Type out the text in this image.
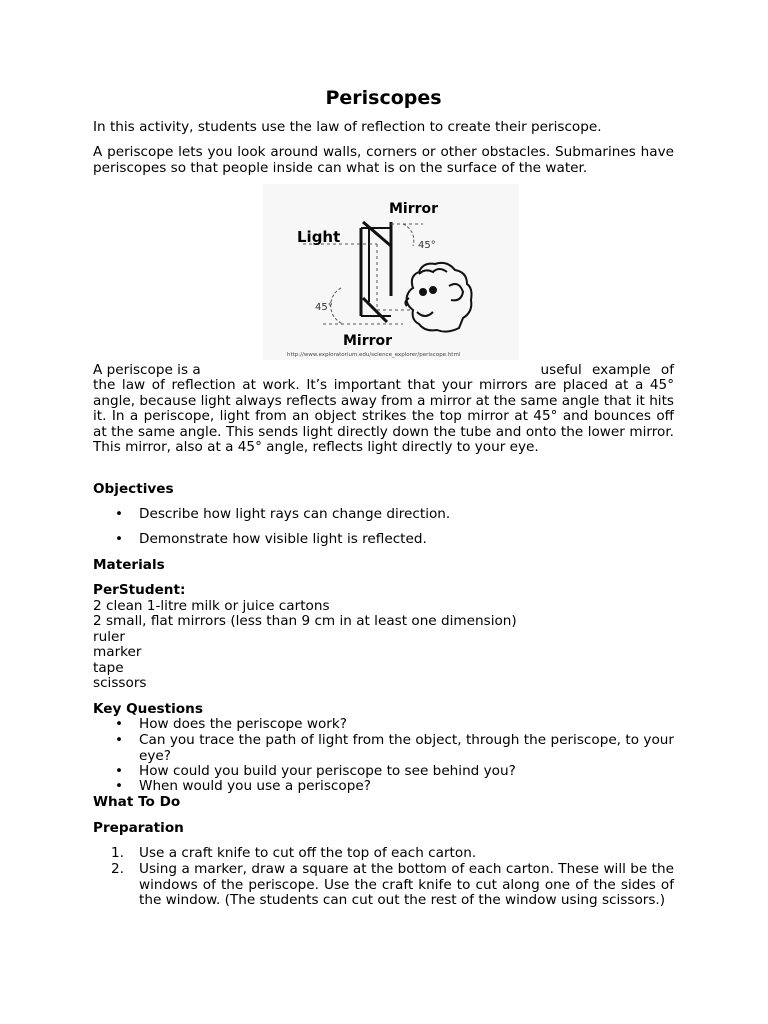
Periscopes

In this activity, students use the law of reflection to create their periscope.

A periscope lets you look around walls, corners or other obstacles. Submarines have periscopes so that people inside can what is on the surface of the water.

A periscope is a	useful example of

the law of reflection at work. It’s important that your mirrors are placed at a 45° angle, because light always reflects away from a mirror at the same angle that it hits it. In a periscope, light from an object strikes the top mirror at 45° and bounces off at the same angle. This sends light directly down the tube and onto the lower mirror. This mirror, also at a 45° angle, reflects light directly to your eye.

Objectives

• Describe how light rays can change direction.

• Demonstrate how visible light is reflected.

Materials

PerStudent:

2 clean 1-litre milk or juice cartons

2 small, flat mirrors (less than 9 cm in at least one dimension)

ruler

marker

tape

scissors

Key Questions

• How does the periscope work?

• Can you trace the path of light from the object, through the periscope, to your eye?

• How could you build your periscope to see behind you?

• When would you use a periscope?

What To Do

Preparation

1. Use a craft knife to cut off the top of each carton.

2. Using a marker, draw a square at the bottom of each carton. These will be the windows of the periscope. Use the craft knife to cut along one of the sides of the window. (The students can cut out the rest of the window using scissors.)

Mirror
Light	45°
45°
Mirror
http://www.exploratorium.edu/science_explorer/periscope.html
